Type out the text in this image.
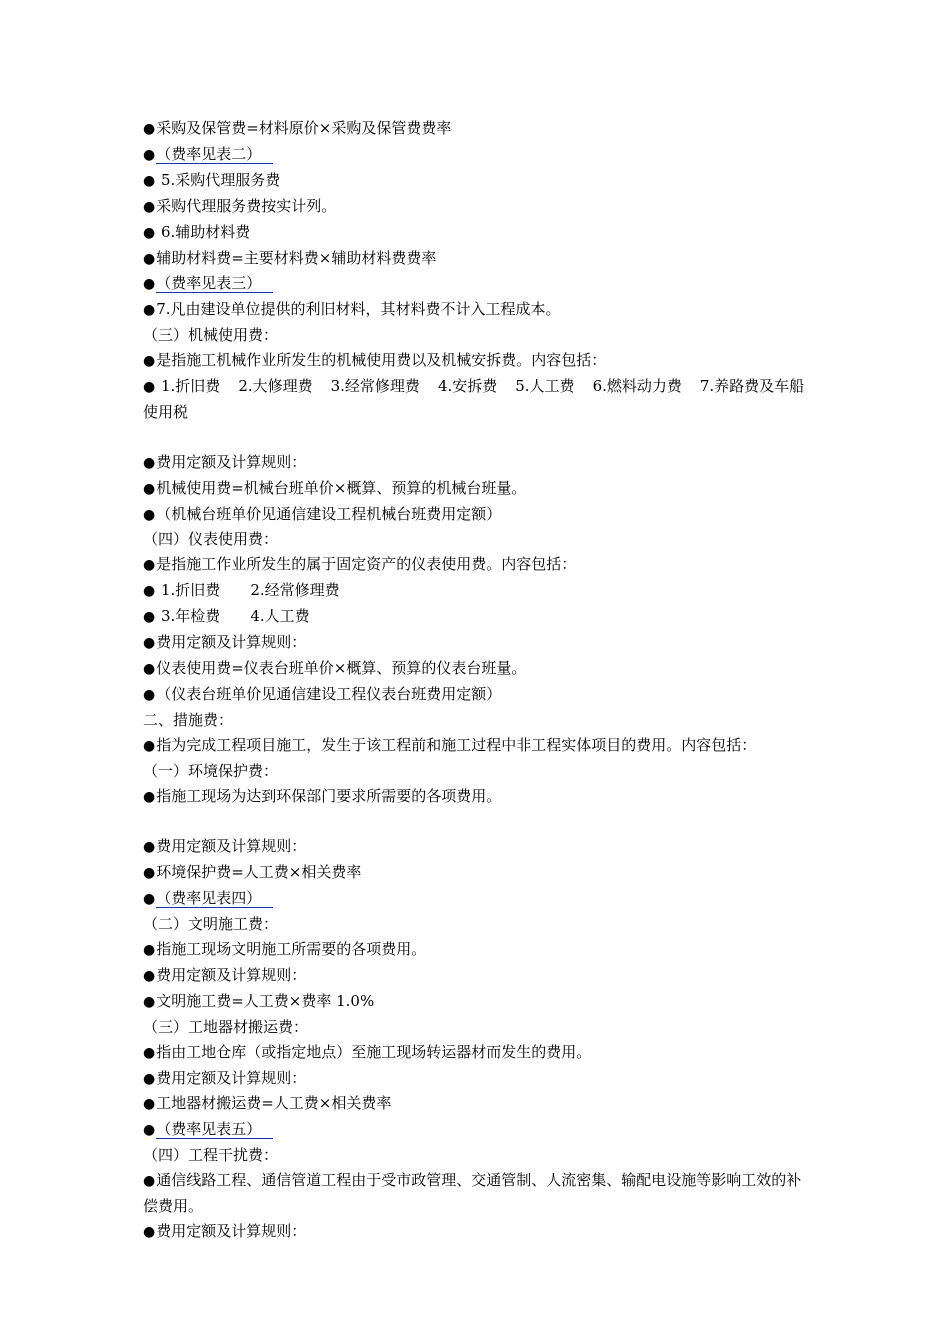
●采购及保管费=材料原价×采购及保管费费率
●（费率见表二）
● 5.采购代理服务费
●采购代理服务费按实计列。
● 6.辅助材料费
●辅助材料费=主要材料费×辅助材料费费率
●（费率见表三）
●7.凡由建设单位提供的利旧材料，其材料费不计入工程成本。
（三）机械使用费：
●是指施工机械作业所发生的机械使用费以及机械安拆费。内容包括：
● 1.折旧费 2.大修理费 3.经常修理费 4.安拆费 5.人工费 6.燃料动力费 7.养路费及车船使用税
●费用定额及计算规则：
●机械使用费=机械台班单价×概算、预算的机械台班量。
●（机械台班单价见通信建设工程机械台班费用定额）
（四）仪表使用费：
●是指施工作业所发生的属于固定资产的仪表使用费。内容包括：
● 1.折旧费 2.经常修理费
● 3.年检费 4.人工费
●费用定额及计算规则：
●仪表使用费=仪表台班单价×概算、预算的仪表台班量。
●（仪表台班单价见通信建设工程仪表台班费用定额）
二、措施费：
●指为完成工程项目施工，发生于该工程前和施工过程中非工程实体项目的费用。内容包括：
（一）环境保护费：
●指施工现场为达到环保部门要求所需要的各项费用。
●费用定额及计算规则：
●环境保护费=人工费×相关费率
●（费率见表四）
（二）文明施工费：
●指施工现场文明施工所需要的各项费用。
●费用定额及计算规则：
●文明施工费=人工费×费率 1.0%
（三）工地器材搬运费：
●指由工地仓库（或指定地点）至施工现场转运器材而发生的费用。
●费用定额及计算规则：
●工地器材搬运费=人工费×相关费率
●（费率见表五）
（四）工程干扰费：
●通信线路工程、通信管道工程由于受市政管理、交通管制、人流密集、输配电设施等影响工效的补偿费用。
●费用定额及计算规则：
